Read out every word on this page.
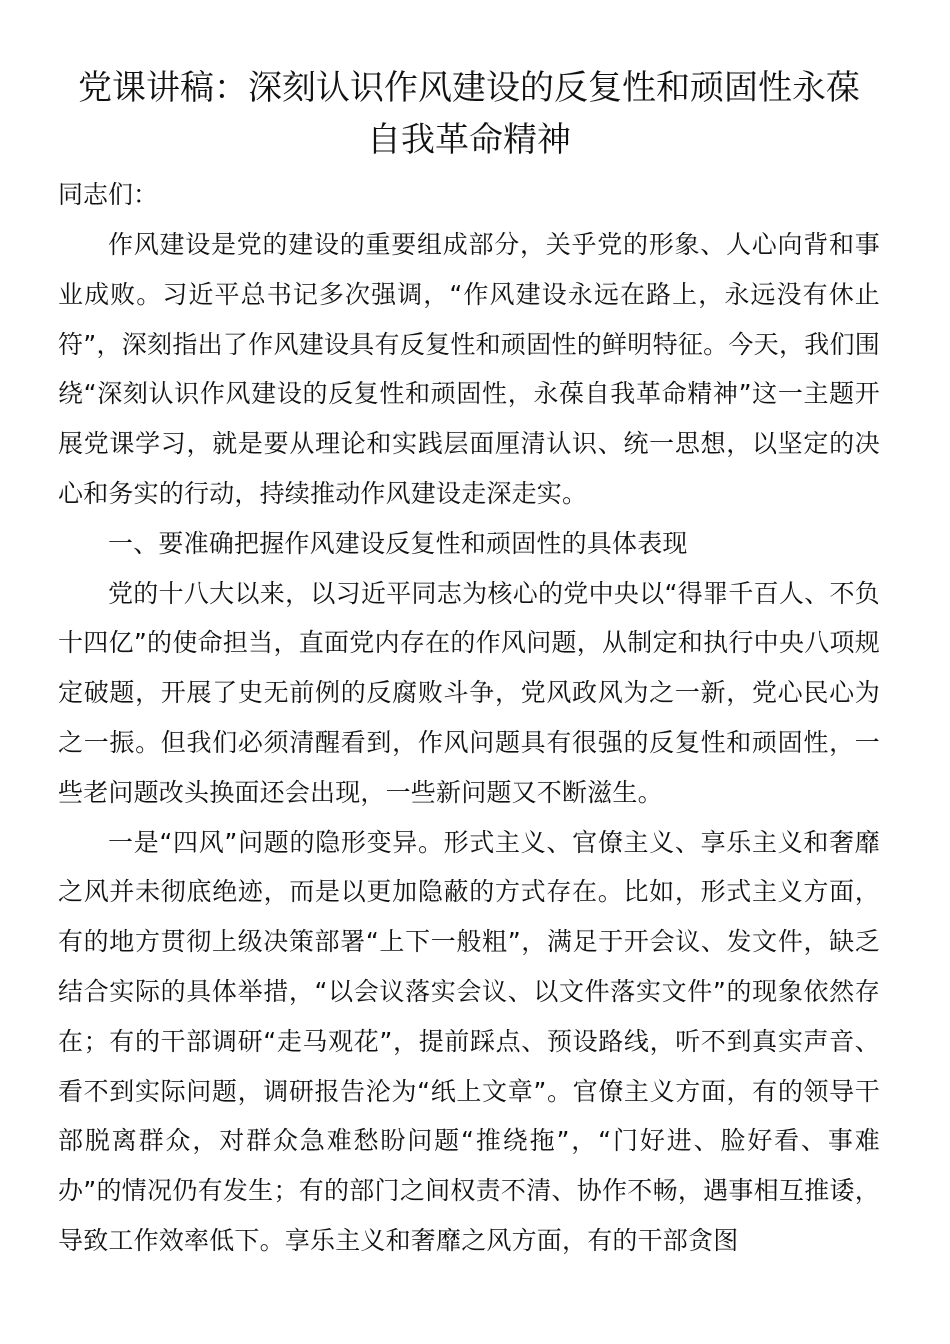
党课讲稿：深刻认识作风建设的反复性和顽固性永葆
自我革命精神

同志们：

作风建设是党的建设的重要组成部分，关乎党的形象、人心向背和事业成败。习近平总书记多次强调，“作风建设永远在路上，永远没有休止符”，深刻指出了作风建设具有反复性和顽固性的鲜明特征。今天，我们围绕“深刻认识作风建设的反复性和顽固性，永葆自我革命精神”这一主题开展党课学习，就是要从理论和实践层面厘清认识、统一思想，以坚定的决心和务实的行动，持续推动作风建设走深走实。

一、要准确把握作风建设反复性和顽固性的具体表现

党的十八大以来，以习近平同志为核心的党中央以“得罪千百人、不负十四亿”的使命担当，直面党内存在的作风问题，从制定和执行中央八项规定破题，开展了史无前例的反腐败斗争，党风政风为之一新，党心民心为之一振。但我们必须清醒看到，作风问题具有很强的反复性和顽固性，一些老问题改头换面还会出现，一些新问题又不断滋生。

一是“四风”问题的隐形变异。形式主义、官僚主义、享乐主义和奢靡之风并未彻底绝迹，而是以更加隐蔽的方式存在。比如，形式主义方面，有的地方贯彻上级决策部署“上下一般粗”，满足于开会议、发文件，缺乏结合实际的具体举措，“以会议落实会议、以文件落实文件”的现象依然存在；有的干部调研“走马观花”，提前踩点、预设路线，听不到真实声音、看不到实际问题，调研报告沦为“纸上文章”。官僚主义方面，有的领导干部脱离群众，对群众急难愁盼问题“推绕拖”，“门好进、脸好看、事难办”的情况仍有发生；有的部门之间权责不清、协作不畅，遇事相互推诿，导致工作效率低下。享乐主义和奢靡之风方面，有的干部贪图
